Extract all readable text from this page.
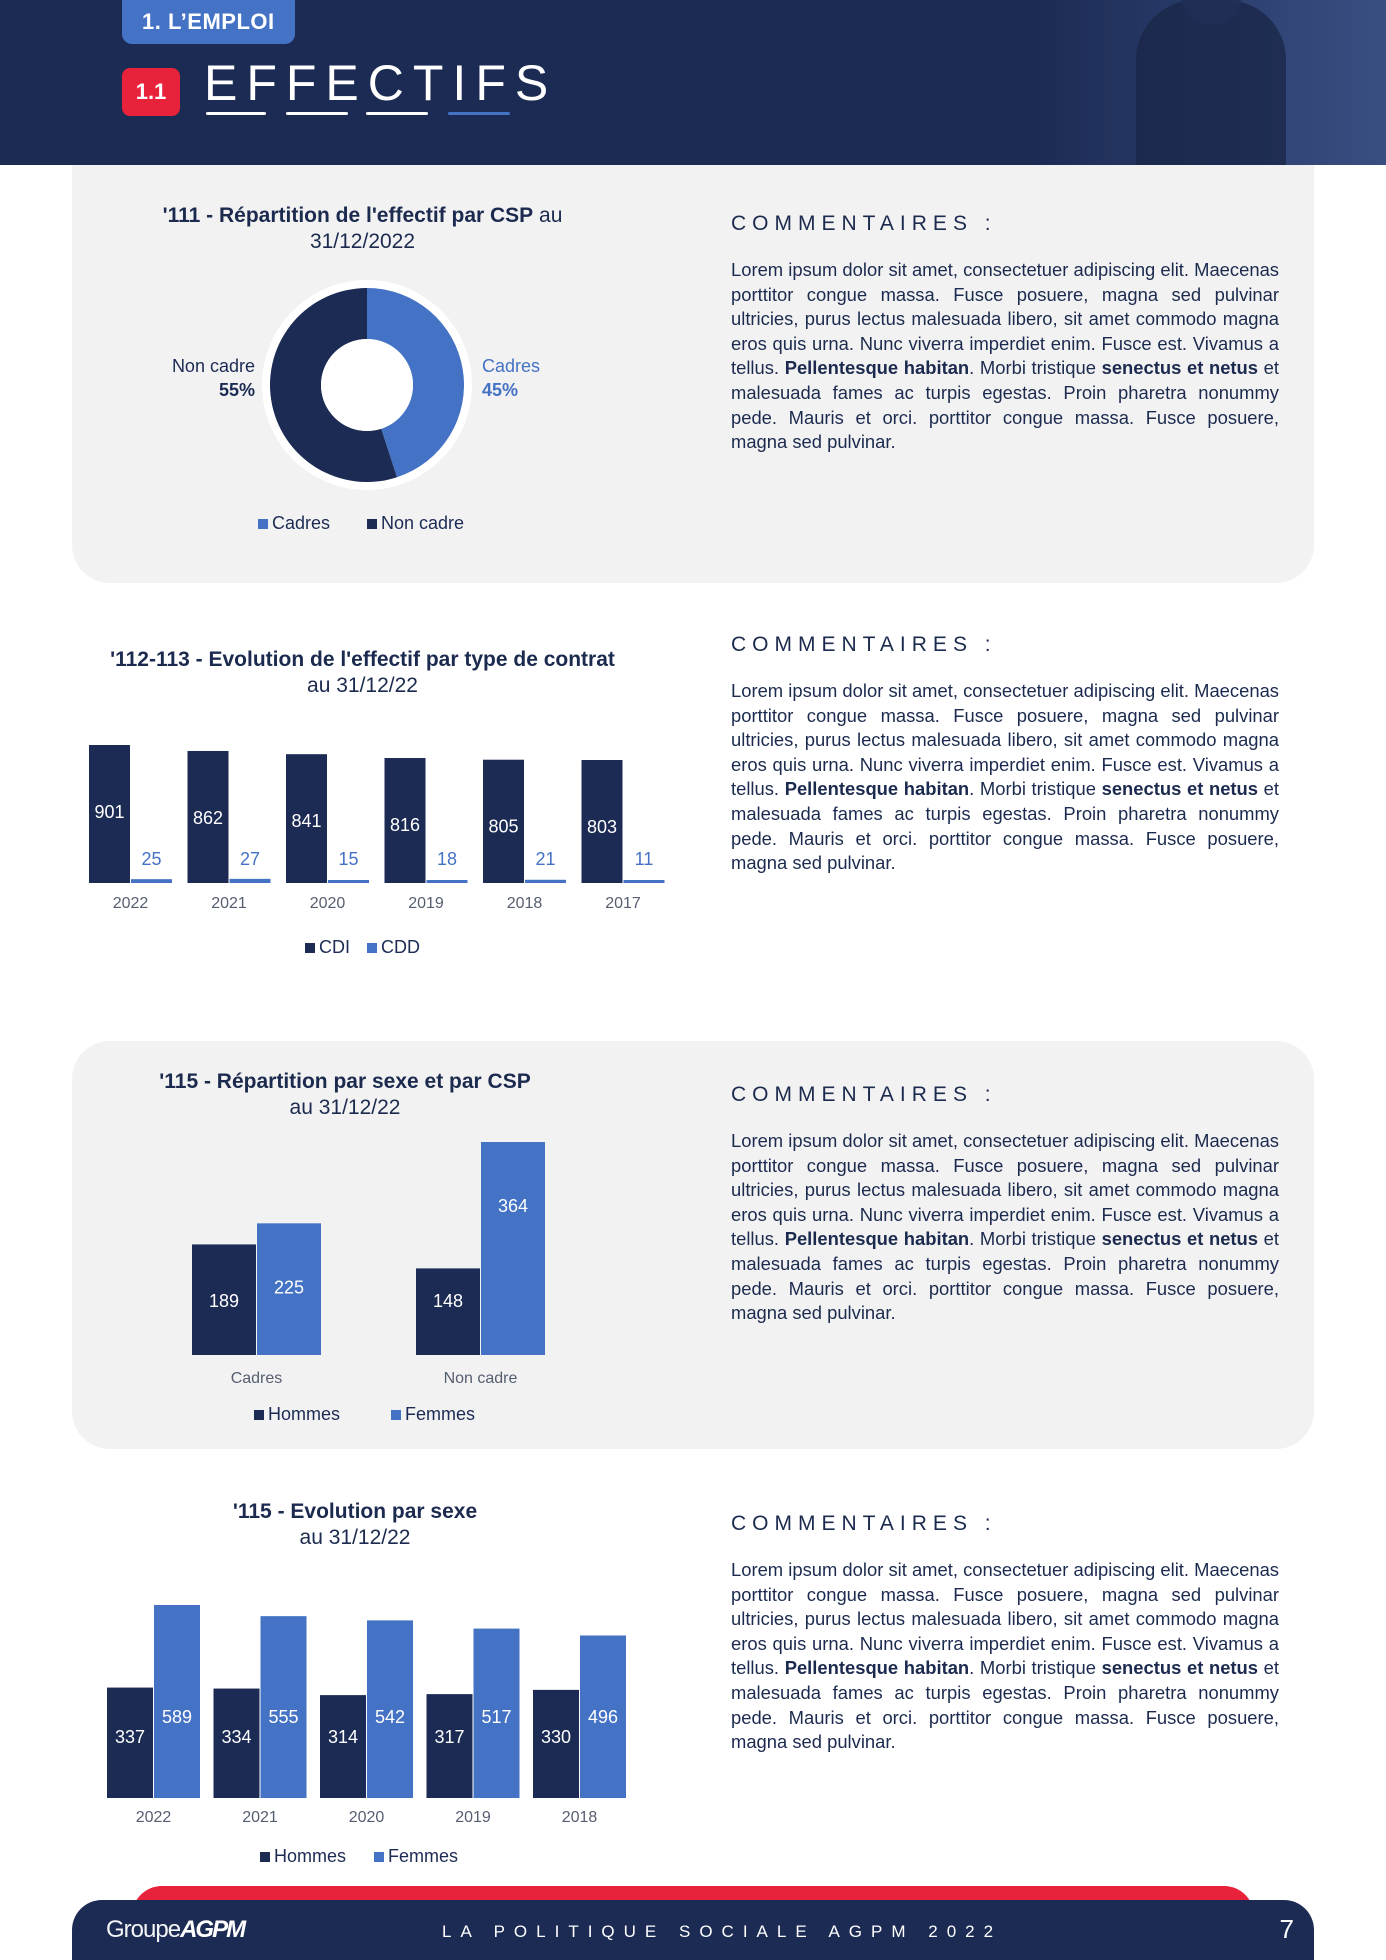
1. L’EMPLOI
1.1 EFFECTIFS
'111 - Répartition de l'effectif par CSP au
31/12/2022
Cadres
45%
Non cadre
55%
Cadres	Non cadre
COMMENTAIRES :
Lorem ipsum dolor sit amet, consectetuer adipiscing elit. Maecenas porttitor congue massa. Fusce posuere, magna sed pulvinar ultricies, purus lectus malesuada libero, sit amet commodo magna eros quis urna. Nunc viverra imperdiet enim. Fusce est. Vivamus a tellus. Pellentesque habitan. Morbi tristique senectus et netus et malesuada fames ac turpis egestas. Proin pharetra nonummy pede. Mauris et orci. porttitor congue massa. Fusce posuere, magna sed pulvinar.
'112-113 - Evolution de l'effectif par type de contrat
au 31/12/22
901
25
2022
862
27
2021
841
15
2020
816
18
2019
805
21
2018
803
11
2017
CDI CDD
COMMENTAIRES :
Lorem ipsum dolor sit amet, consectetuer adipiscing elit. Maecenas porttitor congue massa. Fusce posuere, magna sed pulvinar ultricies, purus lectus malesuada libero, sit amet commodo magna eros quis urna. Nunc viverra imperdiet enim. Fusce est. Vivamus a tellus. Pellentesque habitan. Morbi tristique senectus et netus et malesuada fames ac turpis egestas. Proin pharetra nonummy pede. Mauris et orci. porttitor congue massa. Fusce posuere, magna sed pulvinar.
'115 - Répartition par sexe et par CSP
au 31/12/22
189
225
Cadres
148
364
Non cadre
Hommes	Femmes
COMMENTAIRES :
Lorem ipsum dolor sit amet, consectetuer adipiscing elit. Maecenas porttitor congue massa. Fusce posuere, magna sed pulvinar ultricies, purus lectus malesuada libero, sit amet commodo magna eros quis urna. Nunc viverra imperdiet enim. Fusce est. Vivamus a tellus. Pellentesque habitan. Morbi tristique senectus et netus et malesuada fames ac turpis egestas. Proin pharetra nonummy pede. Mauris et orci. porttitor congue massa. Fusce posuere, magna sed pulvinar.
'115 - Evolution par sexe
au 31/12/22
337
589
2022
334
555
2021
314
542
2020
317
517
2019
330
496
2018
Hommes Femmes
COMMENTAIRES :
Lorem ipsum dolor sit amet, consectetuer adipiscing elit. Maecenas porttitor congue massa. Fusce posuere, magna sed pulvinar ultricies, purus lectus malesuada libero, sit amet commodo magna eros quis urna. Nunc viverra imperdiet enim. Fusce est. Vivamus a tellus. Pellentesque habitan. Morbi tristique senectus et netus et malesuada fames ac turpis egestas. Proin pharetra nonummy pede. Mauris et orci. porttitor congue massa. Fusce posuere, magna sed pulvinar.
GroupeAGPM	LA POLITIQUE SOCIALE AGPM 2022	7
